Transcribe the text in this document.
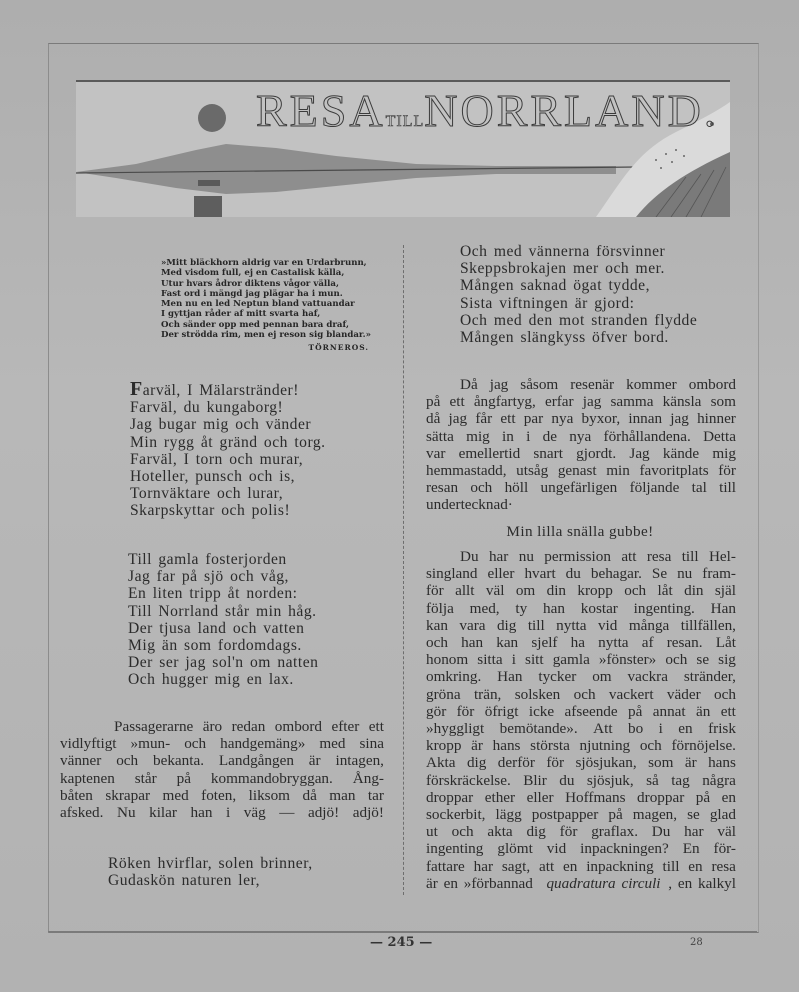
RESATILLNORRLAND.
»Mitt bläckhorn aldrig var en Urdarbrunn,
Med visdom full, ej en Castalisk källa,
Utur hvars ådror diktens vågor välla,
Fast ord i mängd jag plägar ha i mun.
Men nu en led Neptun bland vattuandar
I gyttjan råder af mitt svarta haf,
Och sänder opp med pennan bara draf,
Der strödda rim, men ej reson sig blandar.»
TÖRNEROS.
Farväl, I Mälarstränder!
Farväl, du kungaborg!
Jag bugar mig och vänder
Min rygg åt gränd och torg.
Farväl, I torn och murar,
Hoteller, punsch och is,
Tornväktare och lurar,
Skarpskyttar och polis!
Till gamla fosterjorden
Jag far på sjö och våg,
En liten tripp åt norden:
Till Norrland står min håg.
Der tjusa land och vatten
Mig än som fordomdags.
Der ser jag sol'n om natten
Och hugger mig en lax.
Passagerarne äro redan ombord efter ett
vidlyftigt »mun- och handgemäng» med sina
vänner och bekanta. Landgången är intagen,
kaptenen står på kommandobryggan. Ång-
båten skrapar med foten, liksom då man tar
afsked. Nu kilar han i väg — adjö! adjö!
Röken hvirflar, solen brinner,
Gudaskön naturen ler,
Och med vännerna försvinner
Skeppsbrokajen mer och mer.
Mången saknad ögat tydde,
Sista viftningen är gjord:
Och med den mot stranden flydde
Mången slängkyss öfver bord.
Då jag såsom resenär kommer ombord
på ett ångfartyg, erfar jag samma känsla som
då jag får ett par nya byxor, innan jag hinner
sätta mig in i de nya förhållandena. Detta
var emellertid snart gjordt. Jag kände mig
hemmastadd, utsåg genast min favoritplats för
resan och höll ungefärligen följande tal till
undertecknad·
Min lilla snälla gubbe!
Du har nu permission att resa till Hel-
singland eller hvart du behagar. Se nu fram-
för allt väl om din kropp och låt din själ
följa med, ty han kostar ingenting. Han
kan vara dig till nytta vid många tillfällen,
och han kan sjelf ha nytta af resan. Låt
honom sitta i sitt gamla »fönster» och se sig
omkring. Han tycker om vackra stränder,
gröna trän, solsken och vackert väder och
gör för öfrigt icke afseende på annat än ett
»hyggligt bemötande». Att bo i en frisk
kropp är hans största njutning och förnöjelse.
Akta dig derför för sjösjukan, som är hans
förskräckelse. Blir du sjösjuk, så tag några
droppar ether eller Hoffmans droppar på en
sockerbit, lägg postpapper på magen, se glad
ut och akta dig för graflax. Du har väl
ingenting glömt vid inpackningen? En för-
fattare har sagt, att en inpackning till en resa
är en »förbannad quadratura circuli , en kalkyl
— 245 —	28
